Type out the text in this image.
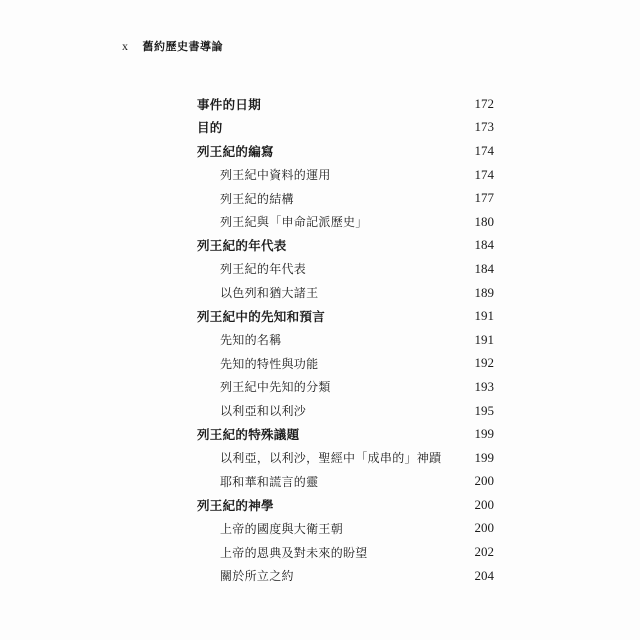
x 舊約歷史書導論
事件的日期	172
目的	173
列王紀的編寫	174
列王紀中資料的運用	174
列王紀的結構	177
列王紀與「申命記派歷史」	180
列王紀的年代表	184
列王紀的年代表	184
以色列和猶大諸王	189
列王紀中的先知和預言	191
先知的名稱	191
先知的特性與功能	192
列王紀中先知的分類	193
以利亞和以利沙	195
列王紀的特殊議題	199
以利亞，以利沙，聖經中「成串的」神蹟	199
耶和華和謊言的靈	200
列王紀的神學	200
上帝的國度與大衛王朝	200
上帝的恩典及對未來的盼望	202
關於所立之約	204
